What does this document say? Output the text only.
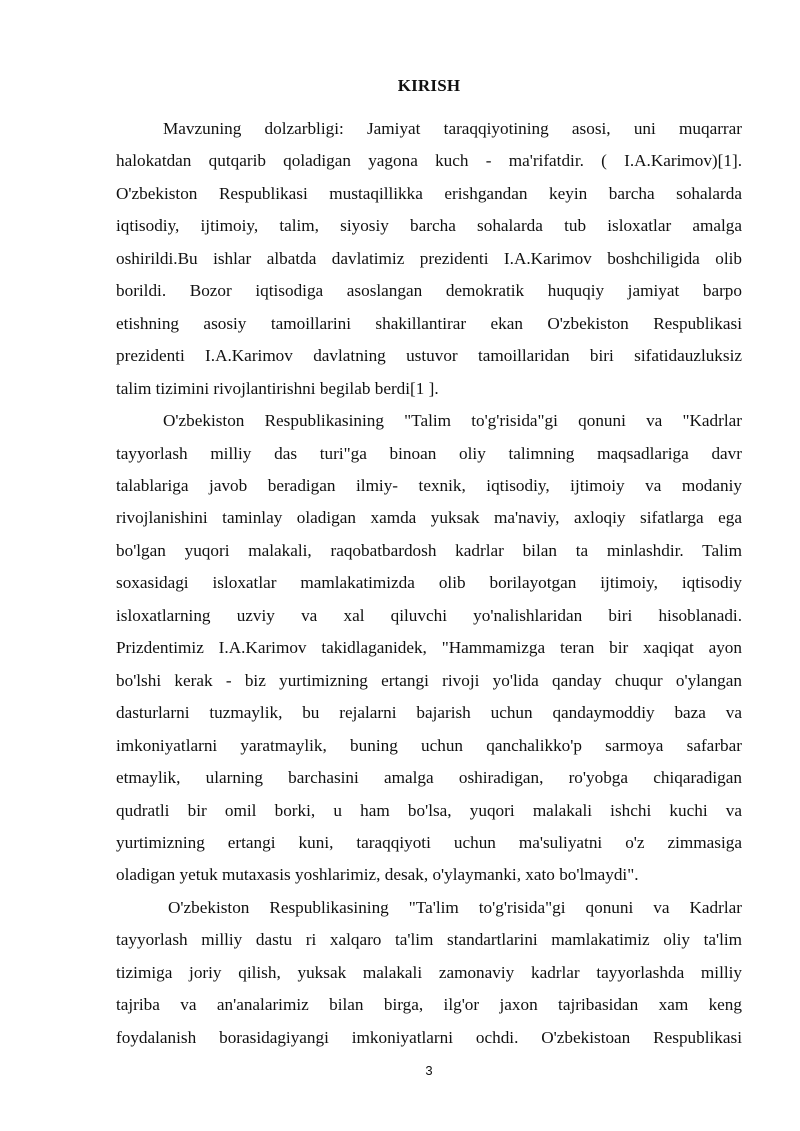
KIRISH

Mavzuning dolzarbligi: Jamiyat taraqqiyotining asosi, uni muqarrar
halokatdan qutqarib qoladigan yagona kuch - ma'rifatdir. ( I.A.Karimov)[1].
O'zbekiston Respublikasi mustaqillikka erishgandan keyin barcha sohalarda
iqtisodiy, ijtimoiy, talim, siyosiy barcha sohalarda tub isloxatlar amalga
oshirildi.Bu ishlar albatda davlatimiz prezidenti I.A.Karimov boshchiligida olib
borildi. Bozor iqtisodiga asoslangan demokratik huquqiy jamiyat barpo
etishning asosiy tamoillarini shakillantirar ekan O'zbekiston Respublikasi
prezidenti I.A.Karimov davlatning ustuvor tamoillaridan biri sifatidauzluksiz
talim tizimini rivojlantirishni begilab berdi[1 ].

O'zbekiston Respublikasining "Talim to'g'risida"gi qonuni va "Kadrlar
tayyorlash milliy das turi"ga binoan oliy talimning maqsadlariga davr
talablariga javob beradigan ilmiy- texnik, iqtisodiy, ijtimoiy va modaniy
rivojlanishini taminlay oladigan xamda yuksak ma'naviy, axloqiy sifatlarga ega
bo'lgan yuqori malakali, raqobatbardosh kadrlar bilan ta minlashdir. Talim
soxasidagi isloxatlar mamlakatimizda olib borilayotgan ijtimoiy, iqtisodiy
isloxatlarning uzviy va xal qiluvchi yo'nalishlaridan biri hisoblanadi.
Prizdentimiz I.A.Karimov takidlaganidek, "Hammamizga teran bir xaqiqat ayon
bo'lshi kerak - biz yurtimizning ertangi rivoji yo'lida qanday chuqur o'ylangan
dasturlarni tuzmaylik, bu rejalarni bajarish uchun qandaymoddiy baza va
imkoniyatlarni yaratmaylik, buning uchun qanchalikko'p sarmoya safarbar
etmaylik, ularning barchasini amalga oshiradigan, ro'yobga chiqaradigan
qudratli bir omil borki, u ham bo'lsa, yuqori malakali ishchi kuchi va
yurtimizning ertangi kuni, taraqqiyoti uchun ma'suliyatni o'z zimmasiga
oladigan yetuk mutaxasis yoshlarimiz, desak, o'ylaymanki, xato bo'lmaydi".

O'zbekiston Respublikasining "Ta'lim to'g'risida"gi qonuni va Kadrlar
tayyorlash milliy dastu ri xalqaro ta'lim standartlarini mamlakatimiz oliy ta'lim
tizimiga joriy qilish, yuksak malakali zamonaviy kadrlar tayyorlashda milliy
tajriba va an'analarimiz bilan birga, ilg'or jaxon tajribasidan xam keng
foydalanish borasidagiyangi imkoniyatlarni ochdi. O'zbekistoan Respublikasi

3
